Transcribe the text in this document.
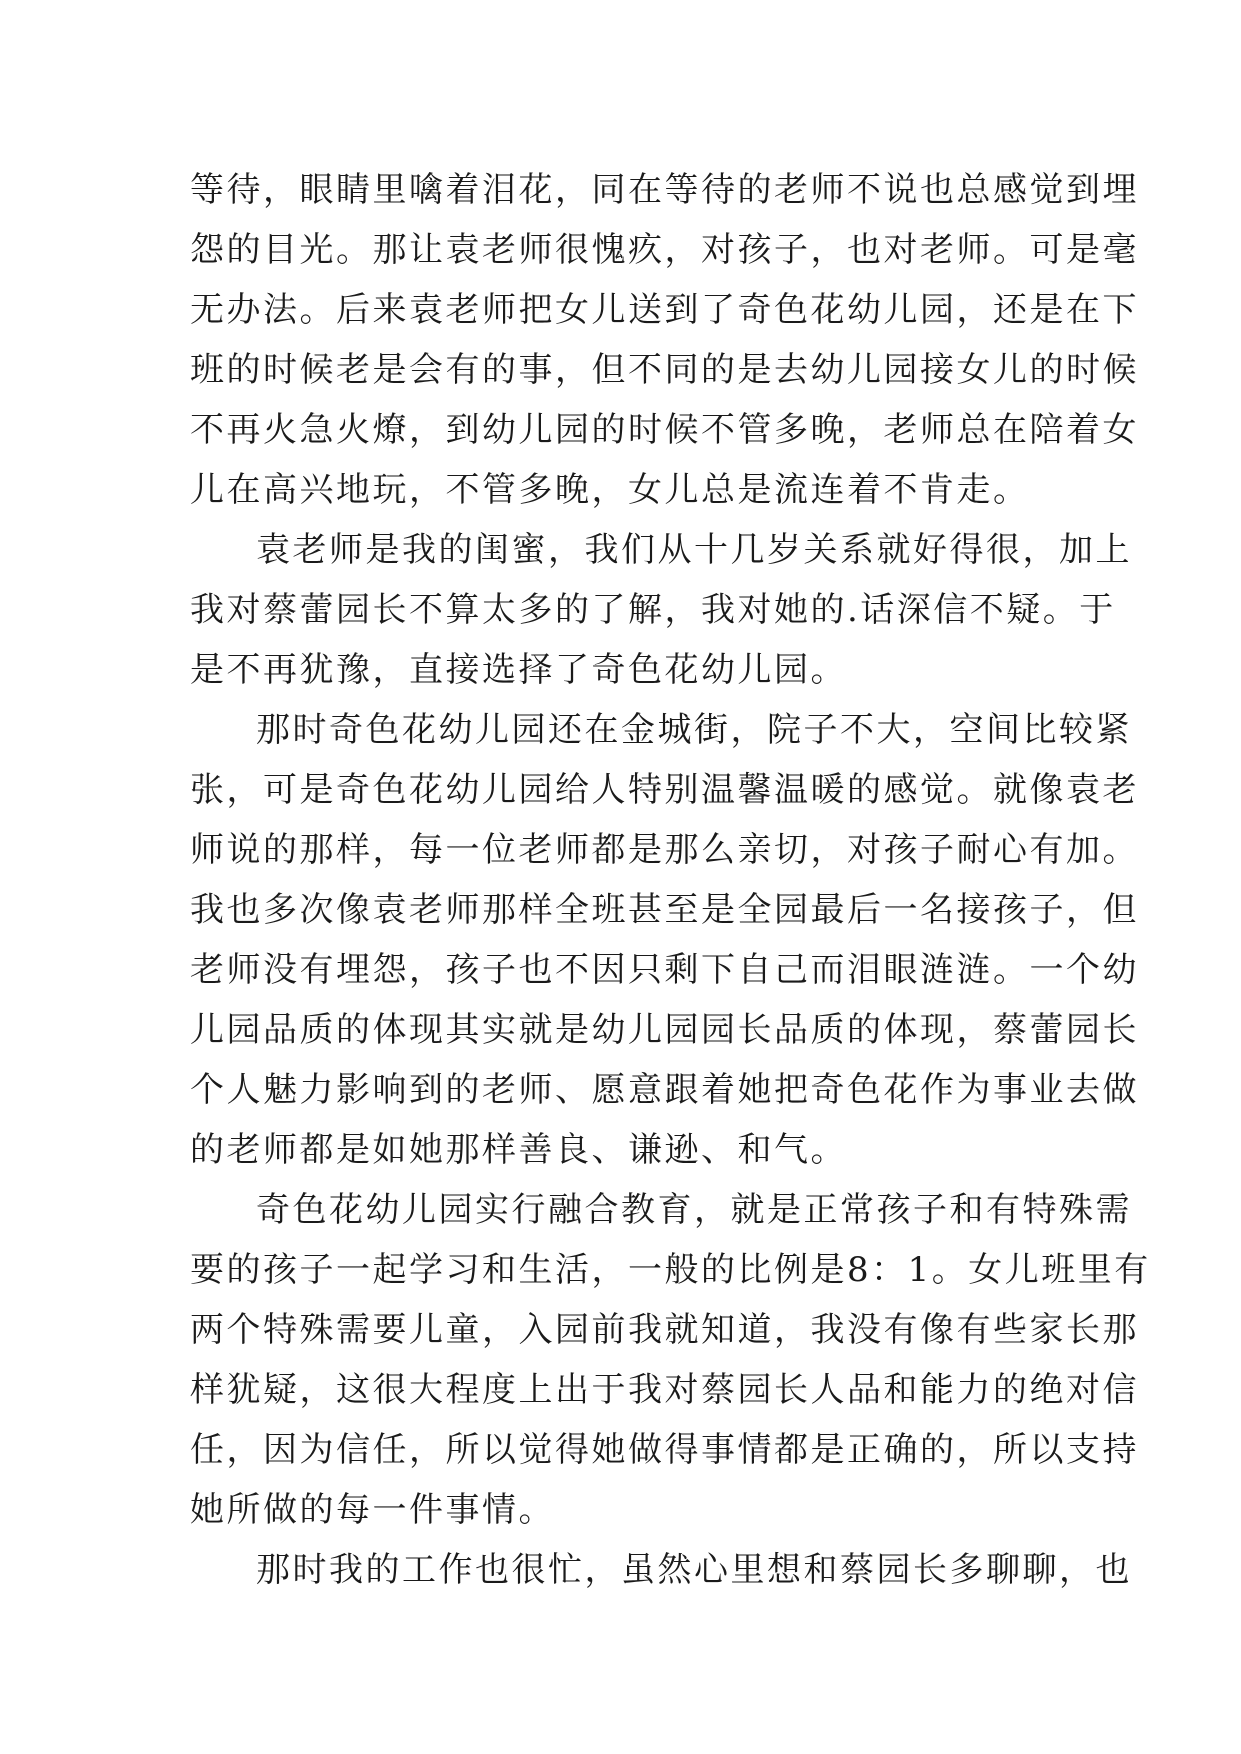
等待，眼睛里噙着泪花，同在等待的老师不说也总感觉到埋
怨的目光。那让袁老师很愧疚，对孩子，也对老师。可是毫
无办法。后来袁老师把女儿送到了奇色花幼儿园，还是在下
班的时候老是会有的事，但不同的是去幼儿园接女儿的时候
不再火急火燎，到幼儿园的时候不管多晚，老师总在陪着女
儿在高兴地玩，不管多晚，女儿总是流连着不肯走。
袁老师是我的闺蜜，我们从十几岁关系就好得很，加上
我对蔡蕾园长不算太多的了解，我对她的.话深信不疑。于
是不再犹豫，直接选择了奇色花幼儿园。
那时奇色花幼儿园还在金城街，院子不大，空间比较紧
张，可是奇色花幼儿园给人特别温馨温暖的感觉。就像袁老
师说的那样，每一位老师都是那么亲切，对孩子耐心有加。
我也多次像袁老师那样全班甚至是全园最后一名接孩子，但
老师没有埋怨，孩子也不因只剩下自己而泪眼涟涟。一个幼
儿园品质的体现其实就是幼儿园园长品质的体现，蔡蕾园长
个人魅力影响到的老师、愿意跟着她把奇色花作为事业去做
的老师都是如她那样善良、谦逊、和气。
奇色花幼儿园实行融合教育，就是正常孩子和有特殊需
要的孩子一起学习和生活，一般的比例是8：1。女儿班里有
两个特殊需要儿童，入园前我就知道，我没有像有些家长那
样犹疑，这很大程度上出于我对蔡园长人品和能力的绝对信
任，因为信任，所以觉得她做得事情都是正确的，所以支持
她所做的每一件事情。
那时我的工作也很忙，虽然心里想和蔡园长多聊聊，也
